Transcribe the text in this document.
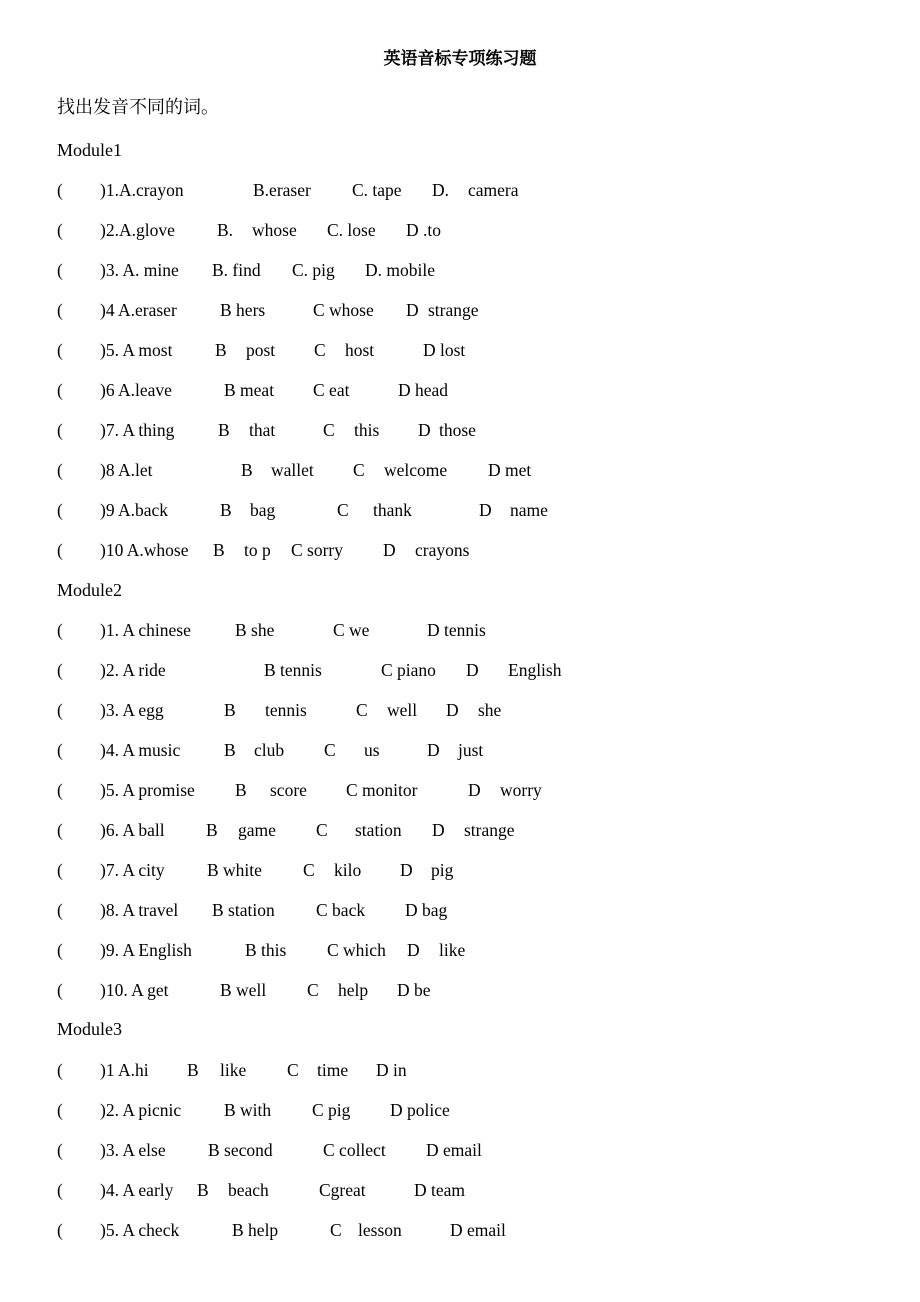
英语音标专项练习题
找出发音不同的词。
Module1
( )1.A.crayon	B.eraser C. tape D. camera
( )2.A.glove B. whose C. lose D .to
( )3. A. mine B. find C. pig D. mobile
( )4 A.eraser B hers	C whose D strange
( )5. A most B post C host	D lost
( )6 A.leave	B meat C eat	D head
( )7. A thing B that	C this D those
( )8 A.let	B wallet C welcome D met
( )9 A.back	B bag	C thank	D name
( )10 A.whose B to p C sorry D crayons
Module2
( )1. A chinese	B she	C we	D tennis
( )2. A ride	B tennis	C piano D English
( )3. A egg	B tennis	C well D she
( )4. A music	B club C us	D just
( )5. A promise B score C monitor	D worry
( )6. A ball B game C station D strange
( )7. A city B white C kilo D pig
( )8. A travel B station C back D bag
( )9. A English	B this C which D like
( )10. A get	B well C help D be
Module3
( )1 A.hi B like C time D in
( )2. A picnic B with C pig D police
( )3. A else B second	C collect D email
( )4. A early B beach	Cgreat	D team
( )5. A check	B help	C lesson	D email
